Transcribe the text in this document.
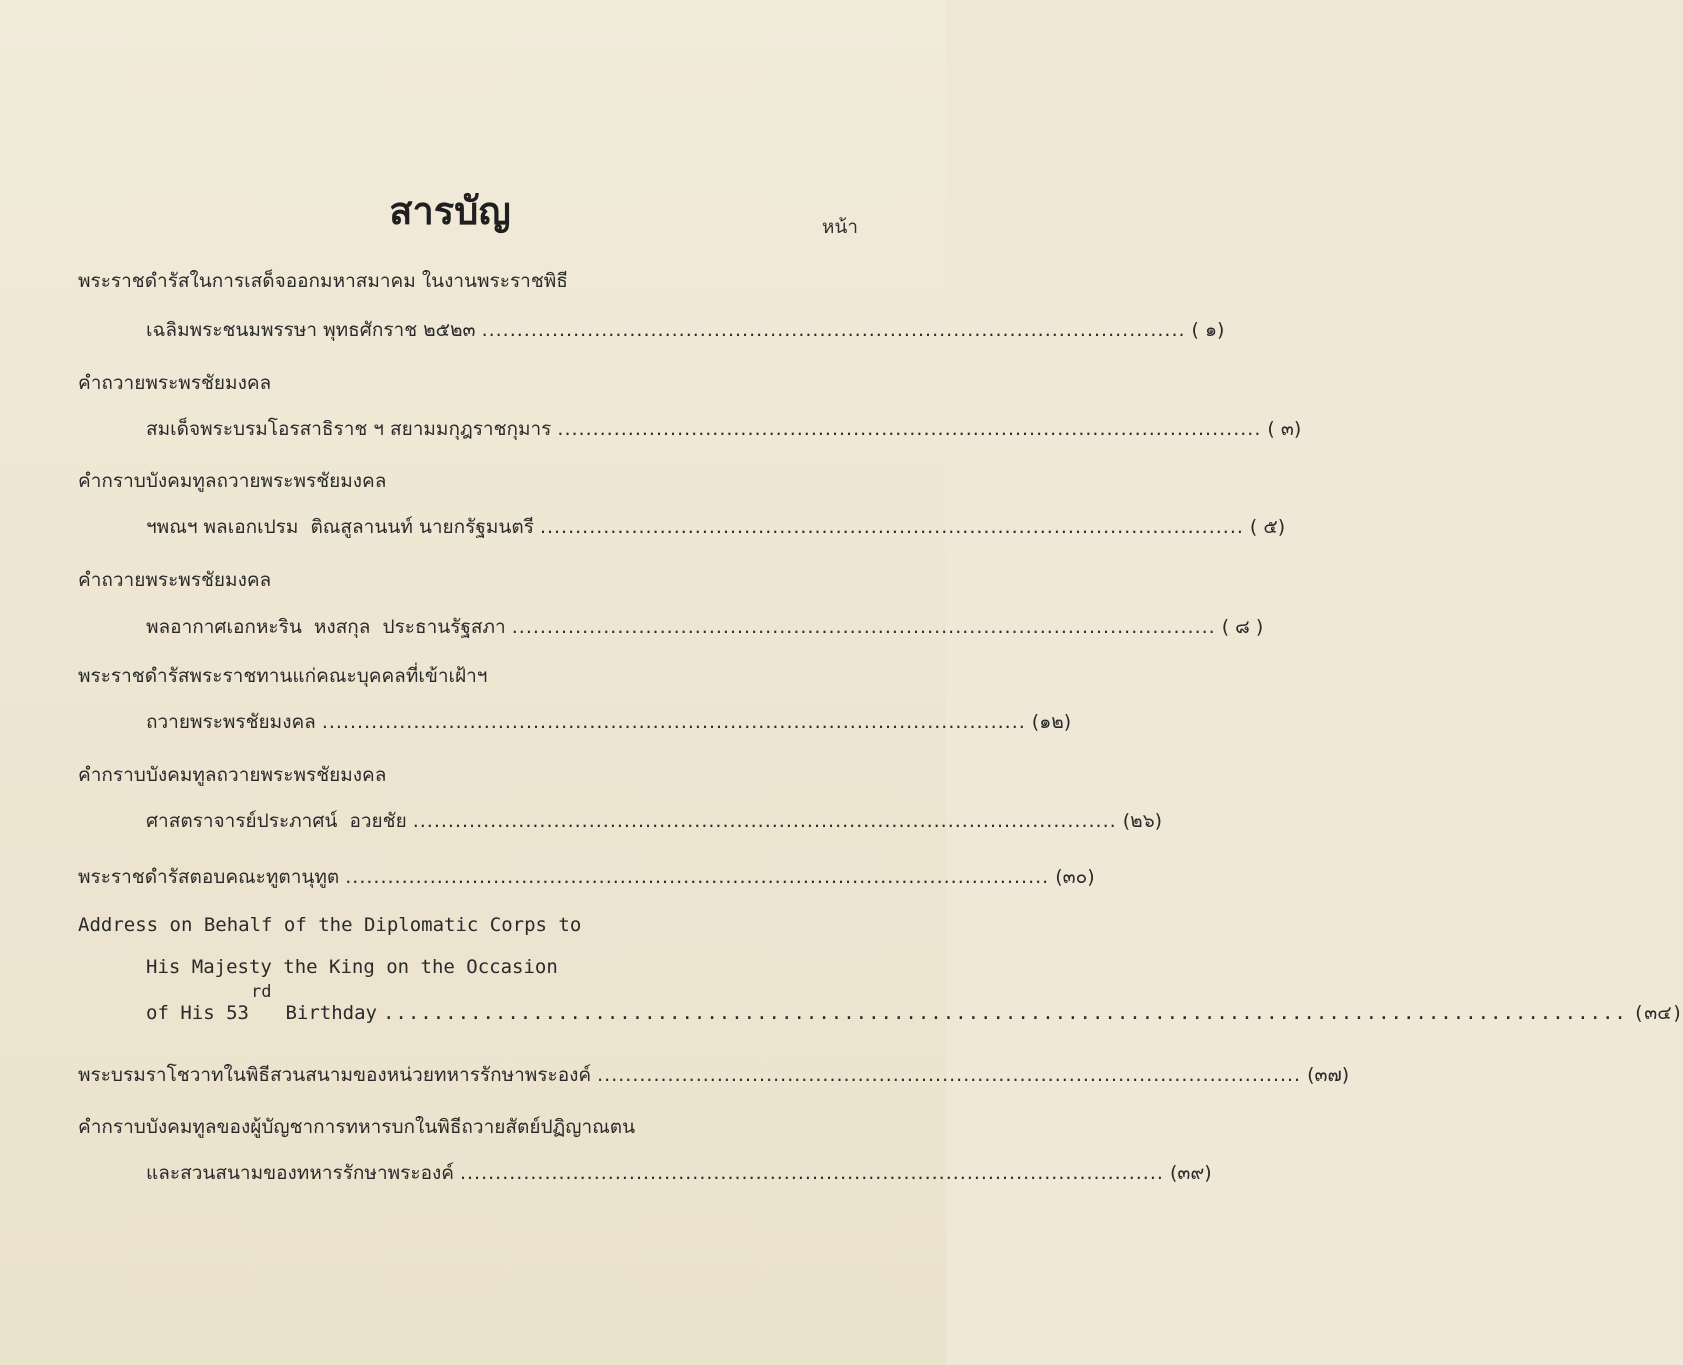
สารบัญ	หน้า
พระราชดำรัสในการเสด็จออกมหาสมาคม ในงานพระราชพิธี
เฉลิมพระชนมพรรษา พุทธศักราช ๒๕๒๓ .................................................................................................... ( ๑)
คำถวายพระพรชัยมงคล
สมเด็จพระบรมโอรสาธิราช ฯ สยามมกุฎราชกุมาร .................................................................................................... ( ๓)
คำกราบบังคมทูลถวายพระพรชัยมงคล
ฯพณฯ พลเอกเปรม  ติณสูลานนท์ นายกรัฐมนตรี .................................................................................................... ( ๕)
คำถวายพระพรชัยมงคล
พลอากาศเอกหะริน  หงสกุล  ประธานรัฐสภา .................................................................................................... ( ๘ )
พระราชดำรัสพระราชทานแก่คณะบุคคลที่เข้าเฝ้าฯ
ถวายพระพรชัยมงคล .................................................................................................... (๑๒)
คำกราบบังคมทูลถวายพระพรชัยมงคล
ศาสตราจารย์ประภาศน์  อวยชัย .................................................................................................... (๒๖)
พระราชดำรัสตอบคณะทูตานุทูต .................................................................................................... (๓๐)
Address on Behalf of the Diplomatic Corps to
His Majesty the King on the Occasion
of His 53
rd
Birthday .................................................................................................... (๓๔)
พระบรมราโชวาทในพิธีสวนสนามของหน่วยทหารรักษาพระองค์ .................................................................................................... (๓๗)
คำกราบบังคมทูลของผู้บัญชาการทหารบกในพิธีถวายสัตย์ปฏิญาณตน
และสวนสนามของทหารรักษาพระองค์ .................................................................................................... (๓๙)
